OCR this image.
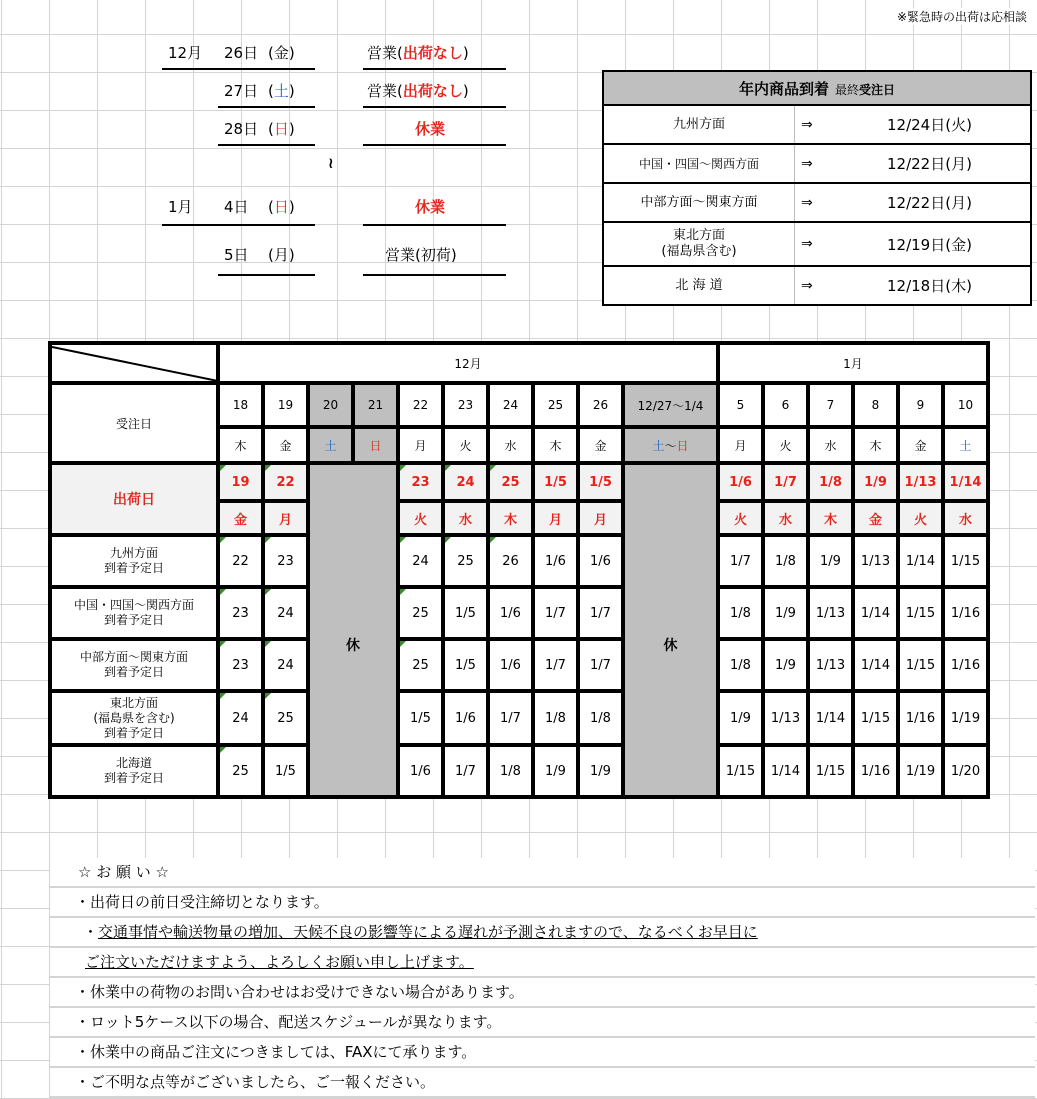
※緊急時の出荷は応相談
12月 26日 (金)	営業(出荷なし)
27日 (土)	営業(出荷なし)
28日 (日)	休業
≀
1月 4日 (日)	休業
5日 (月)	営業(初荷)
年内商品到着 最終受注日		
九州方面	⇒	12/24日(火)
中国・四国～関西方面	⇒	12/22日(月)
中部方面～関東方面	⇒	12/22日(月)

東北方面
(福島県含む)	⇒	12/19日(金)
北 海 道	⇒	12/18日(木)
	12月										1月					
受注日	18	19	20	21	22	23	24	25	26	12/27～1/4	5	6	7	8	9	10
	木	金	土	日	月	火	水	木	金	土～日	月	火	水	木	金	土
出荷日	19	22	休		23	24	25	1/5	1/5	休	1/6	1/7	1/8	1/9	1/13	1/14
	金	月			火	水	木	月	月		火	水	木	金	火	水

九州方面
到着予定日	22	23			24	25	26	1/6	1/6		1/7	1/8	1/9	1/13	1/14	1/15

中国・四国～関西方面
到着予定日	23	24			25	1/5	1/6	1/7	1/7		1/8	1/9	1/13	1/14	1/15	1/16

中部方面～関東方面
到着予定日	23	24			25	1/5	1/6	1/7	1/7		1/8	1/9	1/13	1/14	1/15	1/16

東北方面
(福島県を含む)
到着予定日	24	25			1/5	1/6	1/7	1/8	1/8		1/9	1/13	1/14	1/15	1/16	1/19

北海道
到着予定日	25	1/5			1/6	1/7	1/8	1/9	1/9		1/15	1/14	1/15	1/16	1/19	1/20
☆ お 願 い ☆
・出荷日の前日受注締切となります。
・交通事情や輸送物量の増加、天候不良の影響等による遅れが予測されますので、なるべくお早目に
ご注文いただけますよう、よろしくお願い申し上げます。
・休業中の荷物のお問い合わせはお受けできない場合があります。
・ロット5ケース以下の場合、配送スケジュールが異なります。
・休業中の商品ご注文につきましては、FAXにて承ります。
・ご不明な点等がございましたら、ご一報ください。
